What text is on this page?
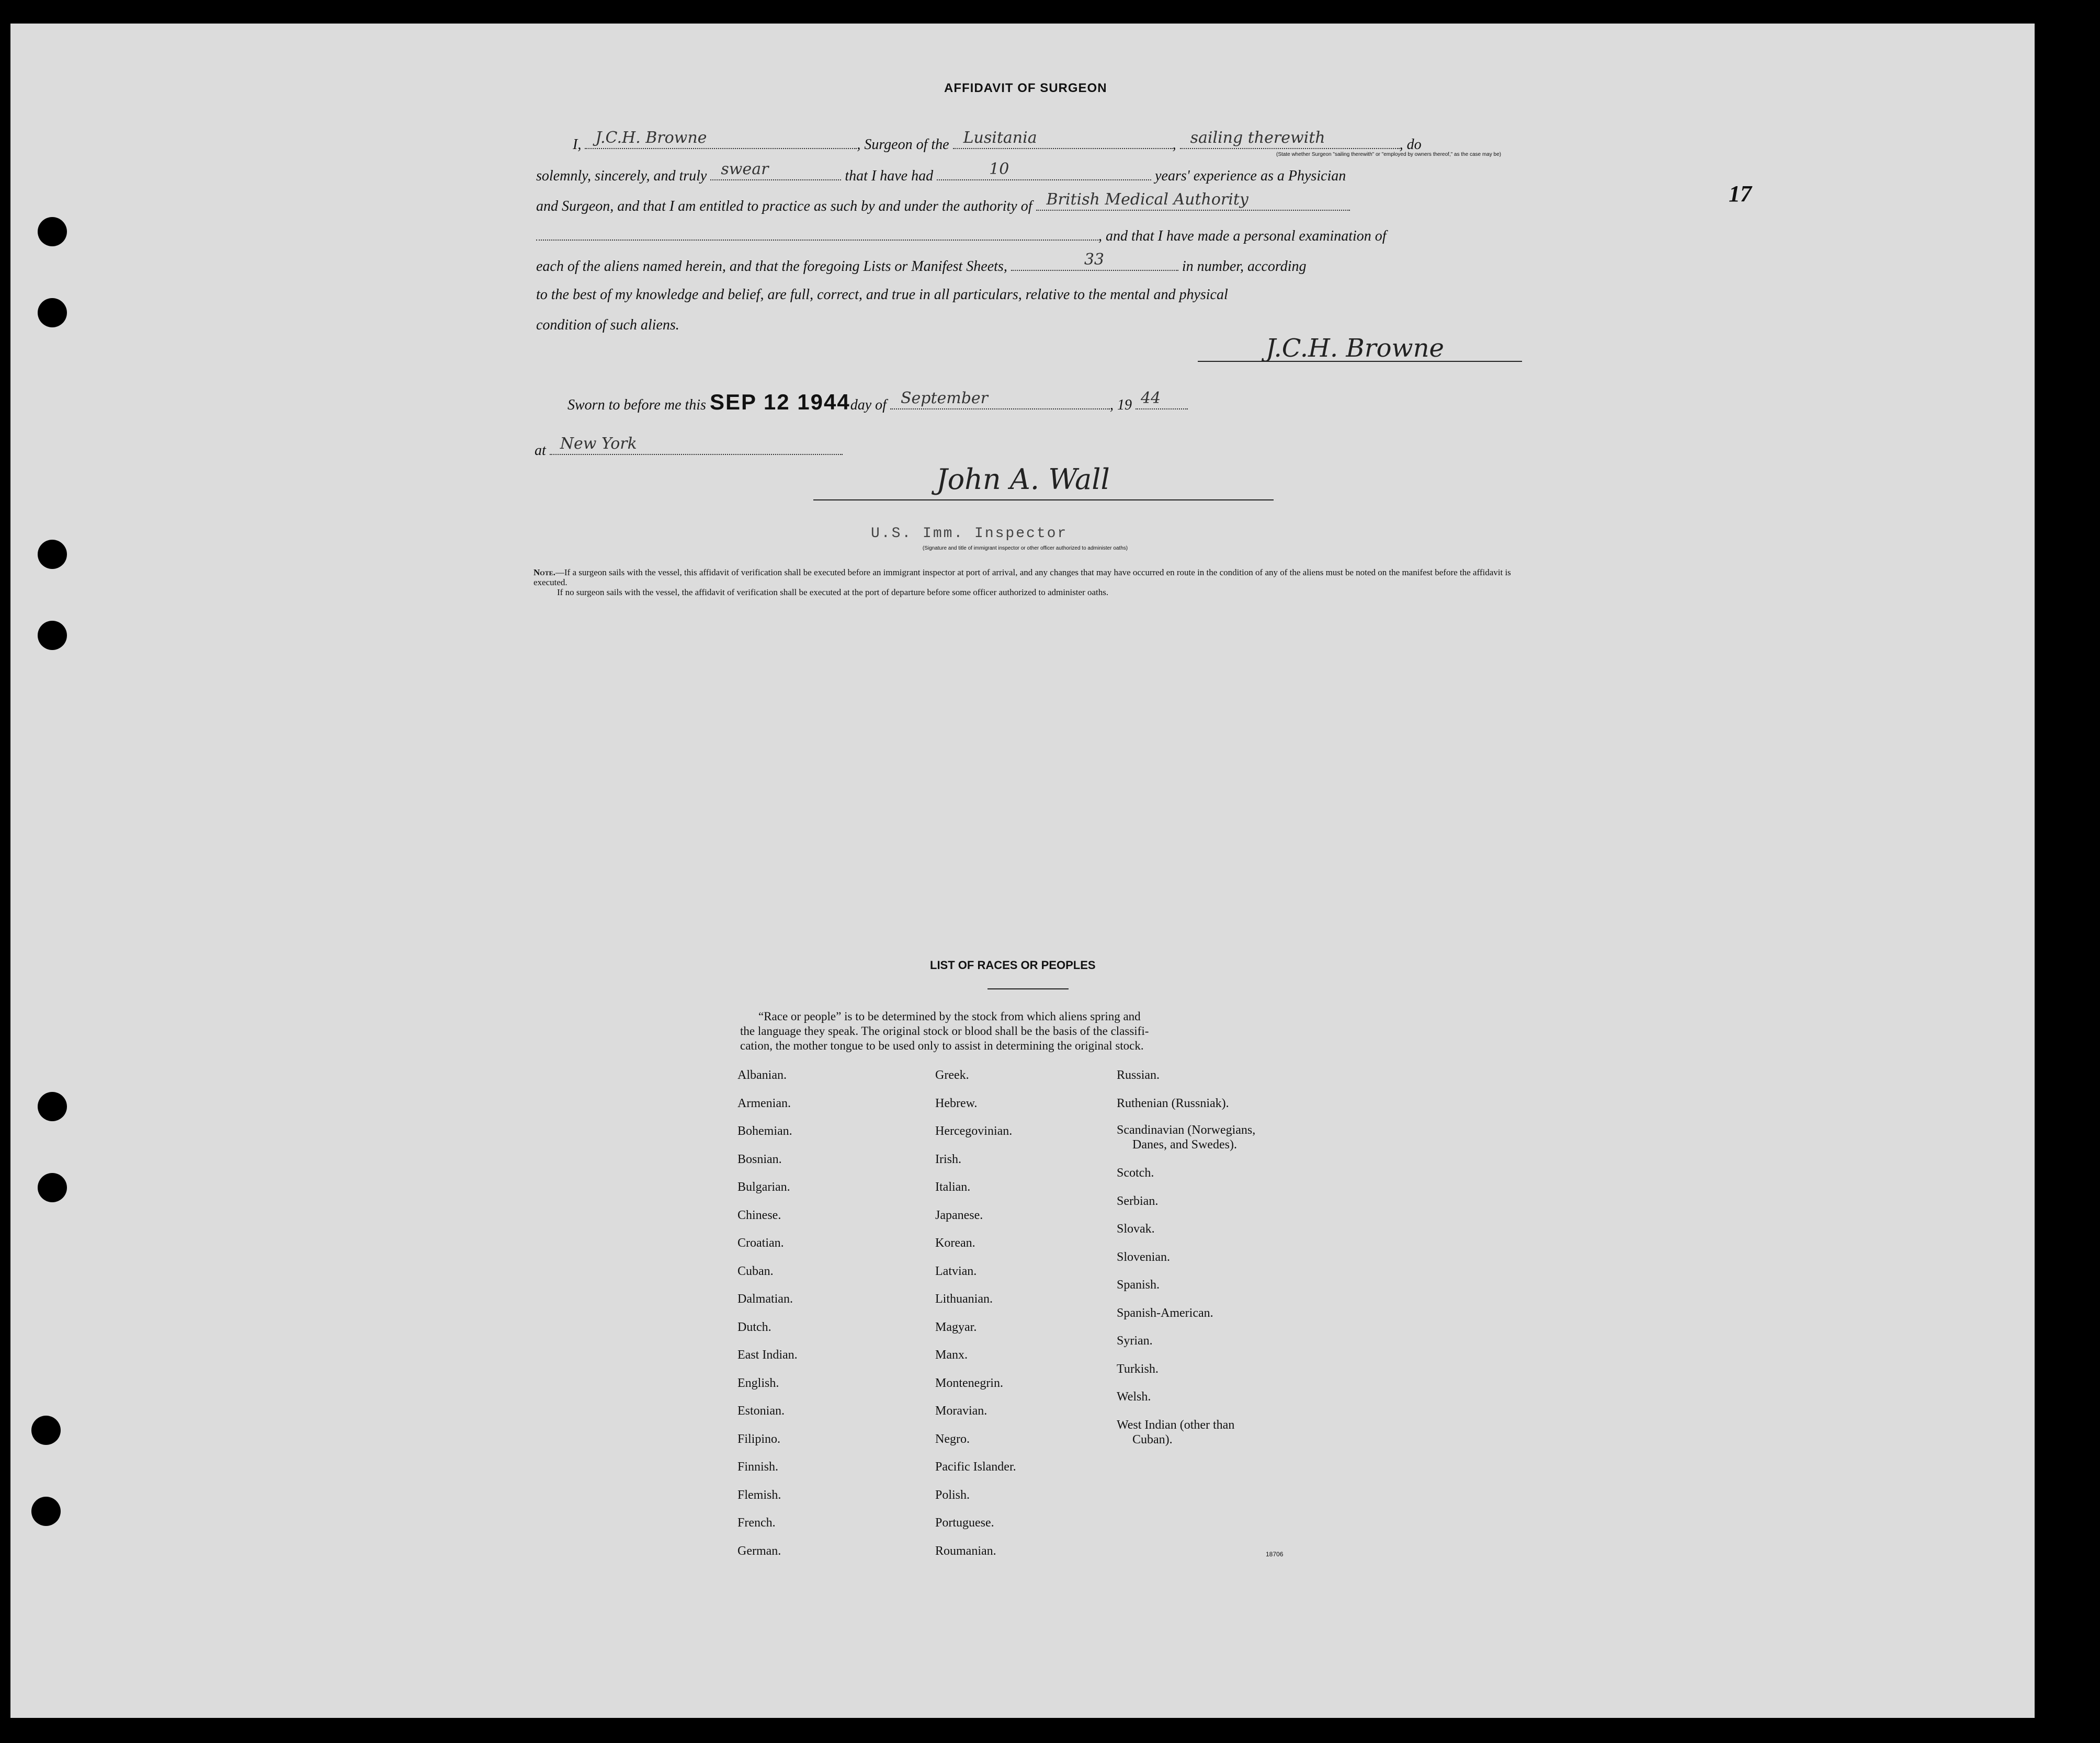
17
AFFIDAVIT OF SURGEON
I, J.C.H. Browne	, Surgeon of the Lusitania	, sailing therewith	, do
(State whether Surgeon "sailing therewith" or "employed by owners thereof," as the case may be)
solemnly, sincerely, and truly swear	that I have had	10	years' experience as a Physician
and Surgeon, and that I am entitled to practice as such by and under the authority of British Medical Authority
, and that I have made a personal examination of
each of the aliens named herein, and that the foregoing Lists or Manifest Sheets,	33	in number, according
to the best of my knowledge and belief, are full, correct, and true in all particulars, relative to the mental and physical
condition of such aliens.
J.C.H. Browne
Sworn to before me this SEP 12 1944day of September	, 19 44
at New York
John A. Wall
U.S. Imm. Inspector
(Signature and title of immigrant inspector or other officer authorized to administer oaths)
Note.—If a surgeon sails with the vessel, this affidavit of verification shall be executed before an immigrant inspector at port of arrival, and any changes that may have occurred en route in the condition of any of the aliens must be noted on the manifest before the affidavit is executed.
If no surgeon sails with the vessel, the affidavit of verification shall be executed at the port of departure before some officer authorized to administer oaths.
LIST OF RACES OR PEOPLES
“Race or people” is to be determined by the stock from which aliens spring and
the language they speak. The original stock or blood shall be the basis of the classifi-
cation, the mother tongue to be used only to assist in determining the original stock.
Albanian.
Armenian.
Bohemian.
Bosnian.
Bulgarian.
Chinese.
Croatian.
Cuban.
Dalmatian.
Dutch.
East Indian.
English.
Estonian.
Filipino.
Finnish.
Flemish.
French.
German.
Greek.
Hebrew.
Hercegovinian.
Irish.
Italian.
Japanese.
Korean.
Latvian.
Lithuanian.
Magyar.
Manx.
Montenegrin.
Moravian.
Negro.
Pacific Islander.
Polish.
Portuguese.
Roumanian.
Russian.
Ruthenian (Russniak).
Scandinavian (Norwegians,
Danes, and Swedes).
Scotch.
Serbian.
Slovak.
Slovenian.
Spanish.
Spanish-American.
Syrian.
Turkish.
Welsh.
West Indian (other than
Cuban).
18706
